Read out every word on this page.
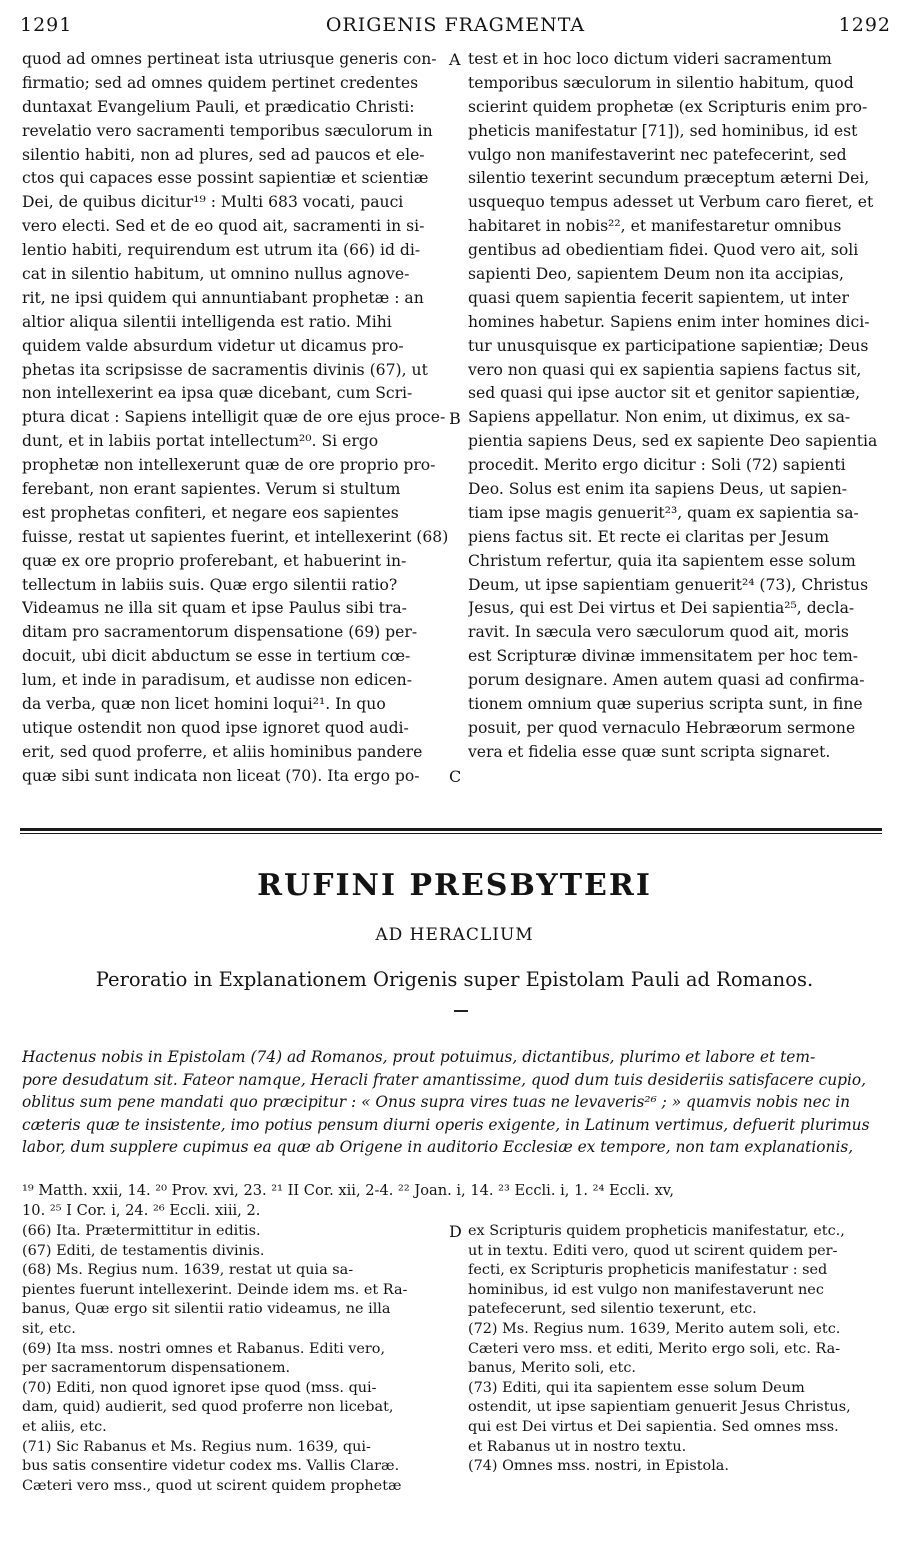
1291	ORIGENIS FRAGMENTA	1292
quod ad omnes pertineat ista utriusque generis con-
firmatio; sed ad omnes quidem pertinet credentes
duntaxat Evangelium Pauli, et prædicatio Christi:
revelatio vero sacramenti temporibus sæculorum in
silentio habiti, non ad plures, sed ad paucos et ele-
ctos qui capaces esse possint sapientiæ et scientiæ
Dei, de quibus dicitur¹⁹ : Multi 683 vocati, pauci
vero electi. Sed et de eo quod ait, sacramenti in si-
lentio habiti, requirendum est utrum ita (66) id di-
cat in silentio habitum, ut omnino nullus agnove-
rit, ne ipsi quidem qui annuntiabant prophetæ : an
altior aliqua silentii intelligenda est ratio. Mihi
quidem valde absurdum videtur ut dicamus pro-
phetas ita scripsisse de sacramentis divinis (67), ut
non intellexerint ea ipsa quæ dicebant, cum Scri-
ptura dicat : Sapiens intelligit quæ de ore ejus proce-
dunt, et in labiis portat intellectum²⁰. Si ergo
prophetæ non intellexerunt quæ de ore proprio pro-
ferebant, non erant sapientes. Verum si stultum
est prophetas confiteri, et negare eos sapientes
fuisse, restat ut sapientes fuerint, et intellexerint (68)
quæ ex ore proprio proferebant, et habuerint in-
tellectum in labiis suis. Quæ ergo silentii ratio?
Videamus ne illa sit quam et ipse Paulus sibi tra-
ditam pro sacramentorum dispensatione (69) per-
docuit, ubi dicit abductum se esse in tertium cœ-
lum, et inde in paradisum, et audisse non edicen-
da verba, quæ non licet homini loqui²¹. In quo
utique ostendit non quod ipse ignoret quod audi-
erit, sed quod proferre, et aliis hominibus pandere
quæ sibi sunt indicata non liceat (70). Ita ergo po-
test et in hoc loco dictum videri sacramentum
temporibus sæculorum in silentio habitum, quod
scierint quidem prophetæ (ex Scripturis enim pro-
pheticis manifestatur [71]), sed hominibus, id est
vulgo non manifestaverint nec patefecerint, sed
silentio texerint secundum præceptum æterni Dei,
usquequo tempus adesset ut Verbum caro fieret, et
habitaret in nobis²², et manifestaretur omnibus
gentibus ad obedientiam fidei. Quod vero ait, soli
sapienti Deo, sapientem Deum non ita accipias,
quasi quem sapientia fecerit sapientem, ut inter
homines habetur. Sapiens enim inter homines dici-
tur unusquisque ex participatione sapientiæ; Deus
vero non quasi qui ex sapientia sapiens factus sit,
sed quasi qui ipse auctor sit et genitor sapientiæ,
Sapiens appellatur. Non enim, ut diximus, ex sa-
pientia sapiens Deus, sed ex sapiente Deo sapientia
procedit. Merito ergo dicitur : Soli (72) sapienti
Deo. Solus est enim ita sapiens Deus, ut sapien-
tiam ipse magis genuerit²³, quam ex sapientia sa-
piens factus sit. Et recte ei claritas per Jesum
Christum refertur, quia ita sapientem esse solum
Deum, ut ipse sapientiam genuerit²⁴ (73), Christus
Jesus, qui est Dei virtus et Dei sapientia²⁵, decla-
ravit. In sæcula vero sæculorum quod ait, moris
est Scripturæ divinæ immensitatem per hoc tem-
porum designare. Amen autem quasi ad confirma-
tionem omnium quæ superius scripta sunt, in fine
posuit, per quod vernaculo Hebræorum sermone
vera et fidelia esse quæ sunt scripta signaret.
A
B
C
D
RUFINI PRESBYTERI
AD HERACLIUM
Peroratio in Explanationem Origenis super Epistolam Pauli ad Romanos.
Hactenus nobis in Epistolam (74) ad Romanos, prout potuimus, dictantibus, plurimo et labore et tem-
pore desudatum sit. Fateor namque, Heracli frater amantissime, quod dum tuis desideriis satisfacere cupio,
oblitus sum pene mandati quo præcipitur : « Onus supra vires tuas ne levaveris²⁶ ; » quamvis nobis nec in
cæteris quæ te insistente, imo potius pensum diurni operis exigente, in Latinum vertimus, defuerit plurimus
labor, dum supplere cupimus ea quæ ab Origene in auditorio Ecclesiæ ex tempore, non tam explanationis,
¹⁹ Matth. xxii, 14. ²⁰ Prov. xvi, 23. ²¹ II Cor. xii, 2-4. ²² Joan. i, 14. ²³ Eccli. i, 1. ²⁴ Eccli. xv,
10. ²⁵ I Cor. i, 24. ²⁶ Eccli. xiii, 2.
(66) Ita. Prætermittitur in editis.
(67) Editi, de testamentis divinis.
(68) Ms. Regius num. 1639, restat ut quia sa-
pientes fuerunt intellexerint. Deinde idem ms. et Ra-
banus, Quæ ergo sit silentii ratio videamus, ne illa
sit, etc.
(69) Ita mss. nostri omnes et Rabanus. Editi vero,
per sacramentorum dispensationem.
(70) Editi, non quod ignoret ipse quod (mss. qui-
dam, quid) audierit, sed quod proferre non licebat,
et aliis, etc.
(71) Sic Rabanus et Ms. Regius num. 1639, qui-
bus satis consentire videtur codex ms. Vallis Claræ.
Cæteri vero mss., quod ut scirent quidem prophetæ
ex Scripturis quidem propheticis manifestatur, etc.,
ut in textu. Editi vero, quod ut scirent quidem per-
fecti, ex Scripturis propheticis manifestatur : sed
hominibus, id est vulgo non manifestaverunt nec
patefecerunt, sed silentio texerunt, etc.
(72) Ms. Regius num. 1639, Merito autem soli, etc.
Cæteri vero mss. et editi, Merito ergo soli, etc. Ra-
banus, Merito soli, etc.
(73) Editi, qui ita sapientem esse solum Deum
ostendit, ut ipse sapientiam genuerit Jesus Christus,
qui est Dei virtus et Dei sapientia. Sed omnes mss.
et Rabanus ut in nostro textu.
(74) Omnes mss. nostri, in Epistola.
